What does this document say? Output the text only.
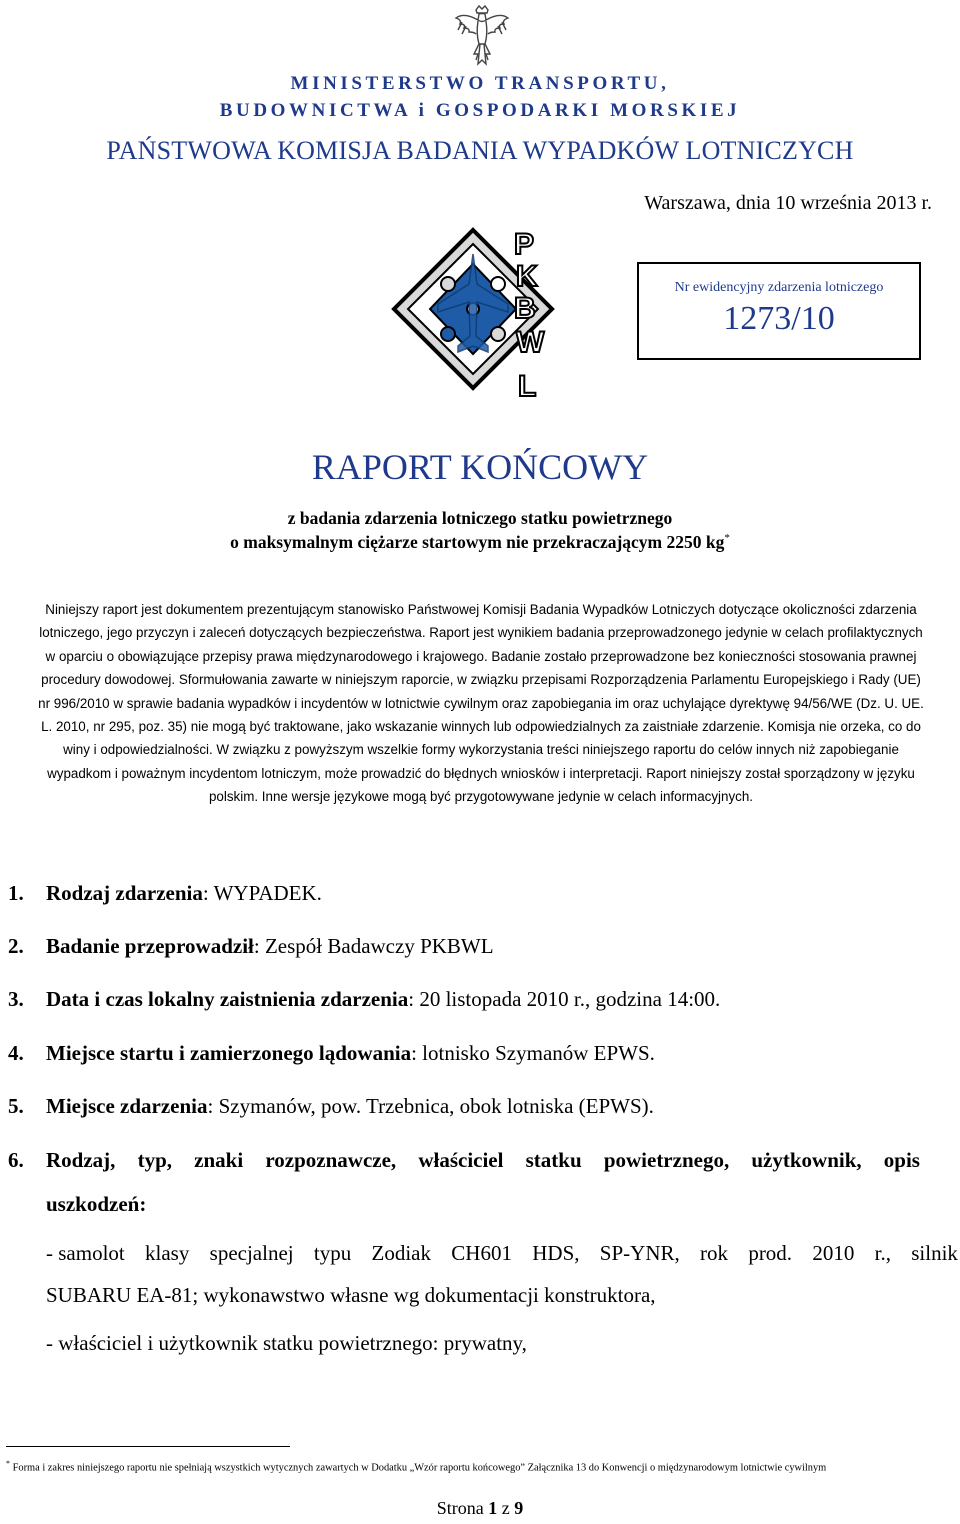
MINISTERSTWO TRANSPORTU,
BUDOWNICTWA i GOSPODARKI MORSKIEJ
PAŃSTWOWA KOMISJA BADANIA WYPADKÓW LOTNICZYCH
Warszawa, dnia 10 września 2013 r.
P
K
B
W
L
Nr ewidencyjny zdarzenia lotniczego
1273/10
RAPORT KOŃCOWY
z badania zdarzenia lotniczego statku powietrznego
o maksymalnym ciężarze startowym nie przekraczającym 2250 kg*
Niniejszy raport jest dokumentem prezentującym stanowisko Państwowej Komisji Badania Wypadków Lotniczych dotyczące okoliczności zdarzenia lotniczego, jego przyczyn i zaleceń dotyczących bezpieczeństwa. Raport jest wynikiem badania przeprowadzonego jedynie w celach profilaktycznych w oparciu o obowiązujące przepisy prawa międzynarodowego i krajowego. Badanie zostało przeprowadzone bez konieczności stosowania prawnej procedury dowodowej. Sformułowania zawarte w niniejszym raporcie, w związku przepisami Rozporządzenia Parlamentu Europejskiego i Rady (UE) nr 996/2010 w sprawie badania wypadków i incydentów w lotnictwie cywilnym oraz zapobiegania im oraz uchylające dyrektywę 94/56/WE (Dz. U. UE. L. 2010, nr 295, poz. 35) nie mogą być traktowane, jako wskazanie winnych lub odpowiedzialnych za zaistniałe zdarzenie. Komisja nie orzeka, co do winy i odpowiedzialności. W związku z powyższym wszelkie formy wykorzystania treści niniejszego raportu do celów innych niż zapobieganie wypadkom i poważnym incydentom lotniczym, może prowadzić do błędnych wniosków i interpretacji. Raport niniejszy został sporządzony w języku polskim. Inne wersje językowe mogą być przygotowywane jedynie w celach informacyjnych.
1. Rodzaj zdarzenia: WYPADEK.
2. Badanie przeprowadził: Zespół Badawczy PKBWL
3. Data i czas lokalny zaistnienia zdarzenia: 20 listopada 2010 r., godzina 14:00.
4. Miejsce startu i zamierzonego lądowania: lotnisko Szymanów EPWS.
5. Miejsce zdarzenia: Szymanów, pow. Trzebnica, obok lotniska (EPWS).
6.	Rodzaj, typ, znaki rozpoznawcze, właściciel statku powietrznego, użytkownik, opis
uszkodzeń:
- samolot klasy specjalnej typu Zodiak CH601 HDS, SP-YNR, rok prod. 2010 r., silnik
SUBARU EA-81; wykonawstwo własne wg dokumentacji konstruktora,
- właściciel i użytkownik statku powietrznego: prywatny,
* Forma i zakres niniejszego raportu nie spełniają wszystkich wytycznych zawartych w Dodatku „Wzór raportu końcowego” Załącznika 13 do Konwencji o międzynarodowym lotnictwie cywilnym
Strona 1 z 9
